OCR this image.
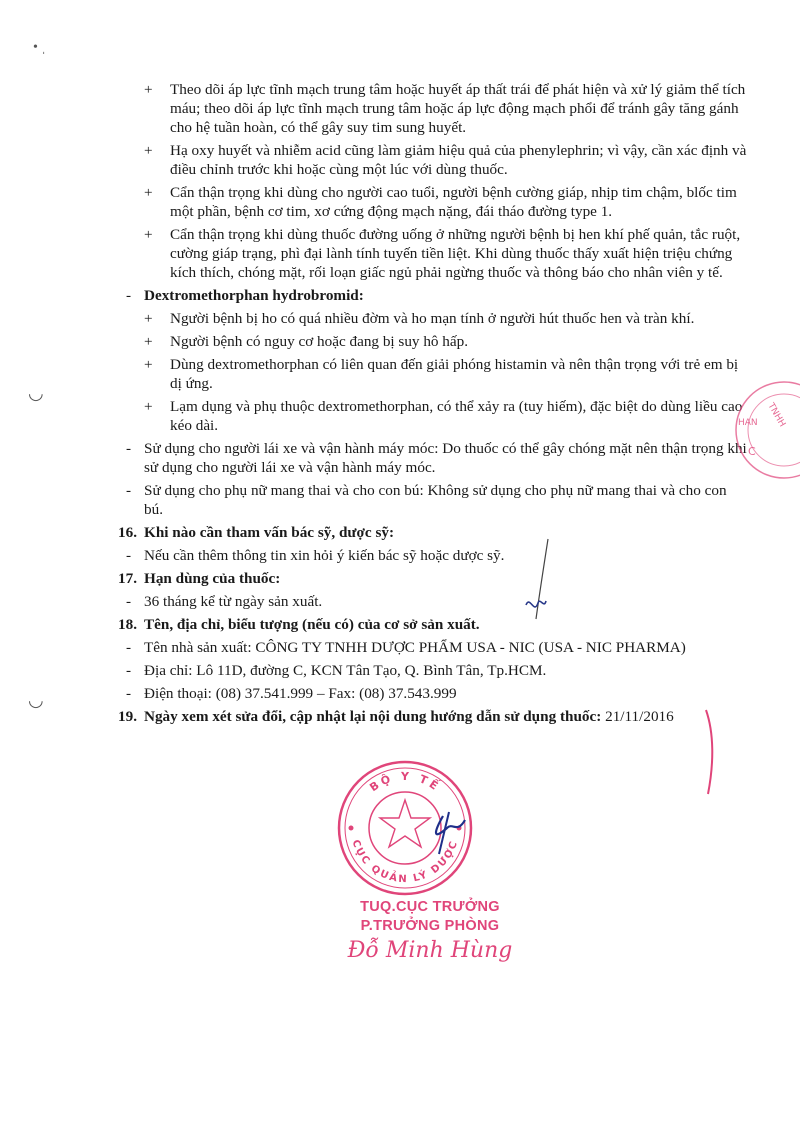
• ˌ
◡
◡
+ Theo dõi áp lực tĩnh mạch trung tâm hoặc huyết áp thất trái để phát hiện và xử lý giảm thể tích máu; theo dõi áp lực tĩnh mạch trung tâm hoặc áp lực động mạch phổi để tránh gây tăng gánh cho hệ tuần hoàn, có thể gây suy tim sung huyết.
+ Hạ oxy huyết và nhiễm acid cũng làm giảm hiệu quả của phenylephrin; vì vậy, cần xác định và điều chỉnh trước khi hoặc cùng một lúc với dùng thuốc.
+ Cẩn thận trọng khi dùng cho người cao tuổi, người bệnh cường giáp, nhịp tim chậm, blốc tim một phần, bệnh cơ tim, xơ cứng động mạch nặng, đái tháo đường type 1.
+ Cẩn thận trọng khi dùng thuốc đường uống ở những người bệnh bị hen khí phế quản, tắc ruột, cường giáp trạng, phì đại lành tính tuyến tiền liệt. Khi dùng thuốc thấy xuất hiện triệu chứng kích thích, chóng mặt, rối loạn giấc ngủ phải ngừng thuốc và thông báo cho nhân viên y tế.
- Dextromethorphan hydrobromid:
+ Người bệnh bị ho có quá nhiều đờm và ho mạn tính ở người hút thuốc hen và tràn khí.
+ Người bệnh có nguy cơ hoặc đang bị suy hô hấp.
+ Dùng dextromethorphan có liên quan đến giải phóng histamin và nên thận trọng với trẻ em bị dị ứng.
+ Lạm dụng và phụ thuộc dextromethorphan, có thể xảy ra (tuy hiếm), đặc biệt do dùng liều cao kéo dài.
- Sử dụng cho người lái xe và vận hành máy móc: Do thuốc có thể gây chóng mặt nên thận trọng khi sử dụng cho người lái xe và vận hành máy móc.
- Sử dụng cho phụ nữ mang thai và cho con bú: Không sử dụng cho phụ nữ mang thai và cho con bú.
16. Khi nào cần tham vấn bác sỹ, dược sỹ:
- Nếu cần thêm thông tin xin hỏi ý kiến bác sỹ hoặc dược sỹ.
17. Hạn dùng của thuốc:
- 36 tháng kể từ ngày sản xuất.
18. Tên, địa chỉ, biểu tượng (nếu có) của cơ sở sản xuất.
- Tên nhà sản xuất: CÔNG TY TNHH DƯỢC PHẨM USA - NIC (USA - NIC PHARMA)
- Địa chỉ: Lô 11D, đường C, KCN Tân Tạo, Q. Bình Tân, Tp.HCM.
- Điện thoại: (08) 37.541.999 – Fax: (08) 37.543.999
19. Ngày xem xét sửa đổi, cập nhật lại nội dung hướng dẫn sử dụng thuốc: 21/11/2016
TNHH
HAN
C
BỘ Y TẾ
CỤC QUẢN LÝ DƯỢC
TUQ.CỤC TRƯỞNG
P.TRƯỞNG PHÒNG
Đỗ Minh Hùng
